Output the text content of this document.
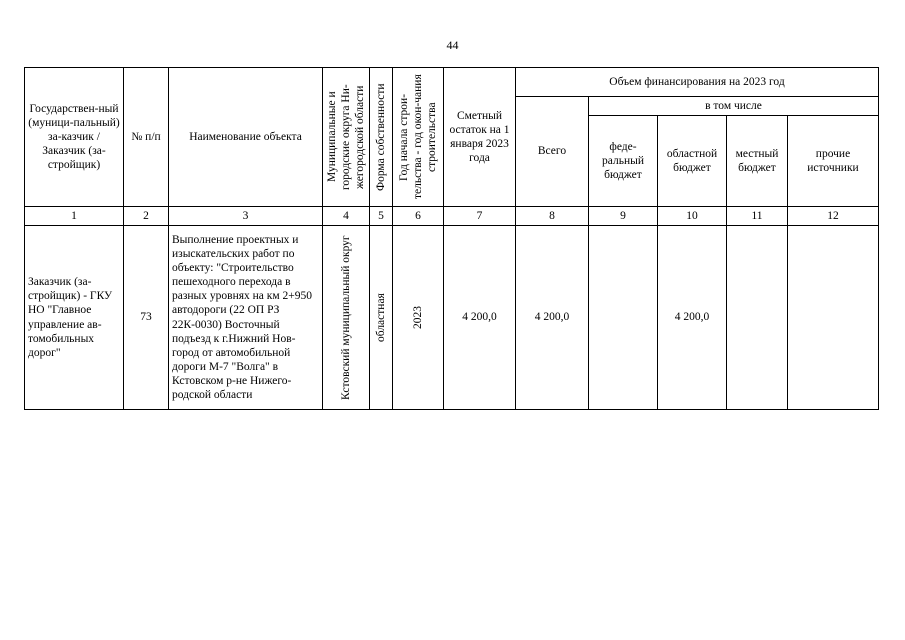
44
Государствен-ный (муници-пальный) за-казчик / Заказчик (за-стройщик)	№ п/п	Наименование объекта	Муниципальные и городские округа Ни-жегородской области	Форма собственности	Год начала строи-тельства - год окон-чания строительства	Сметный остаток на 1 января 2023 года	Объем финансирования на 2023 год				
							Всего	в том числе			
								феде-ральный бюджет	областной бюджет	местный бюджет	прочие источники
1	2	3	4	5	6	7	8	9	10	11	12
Заказчик (за-стройщик) - ГКУ НО "Главное управление ав-томобильных дорог"	73	Выполнение проектных и изыскательских работ по объекту: "Строительство пешеходного перехода в разных уровнях на км 2+950 автодороги (22 ОП РЗ 22К-0030) Восточный подъезд к г.Нижний Нов-город от автомобильной дороги М-7 "Волга" в Кстовском р-не Нижего-родской области	Кстовский муниципальный округ	областная	2023	4 200,0	4 200,0		4 200,0		
